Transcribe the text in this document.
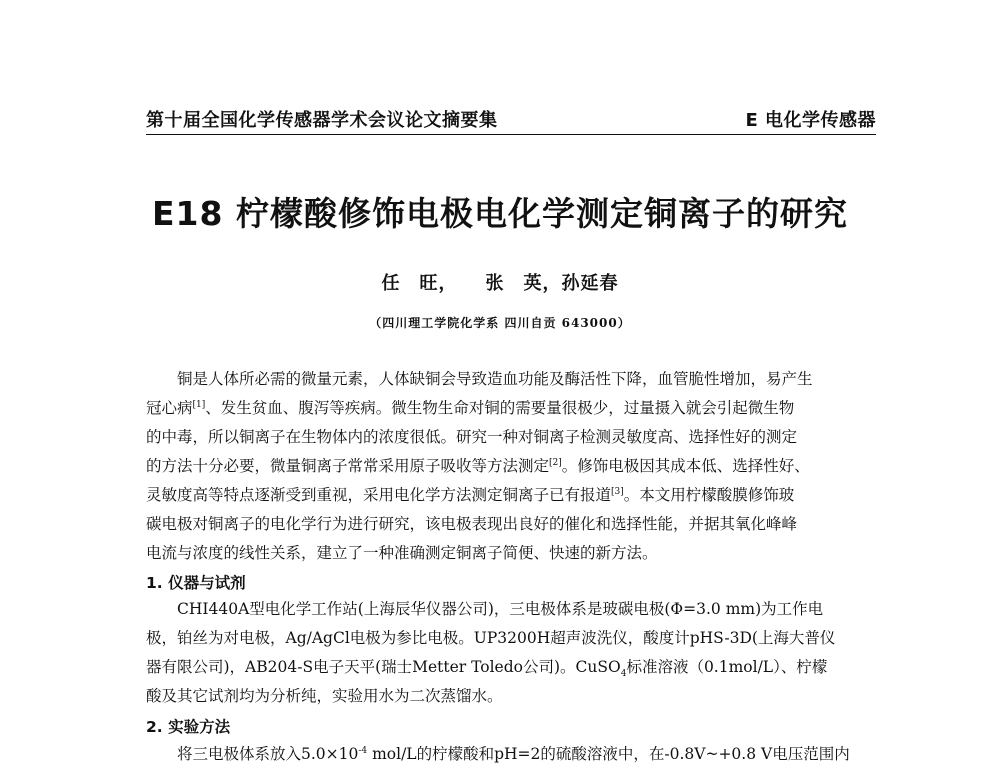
第十届全国化学传感器学术会议论文摘要集	E 电化学传感器
E18 柠檬酸修饰电极电化学测定铜离子的研究
任　旺， 张　英，孙延春
（四川理工学院化学系 四川自贡 643000）
铜是人体所必需的微量元素，人体缺铜会导致造血功能及酶活性下降，血管脆性增加，易产生
冠心病[1]、发生贫血、腹泻等疾病。微生物生命对铜的需要量很极少，过量摄入就会引起微生物
的中毒，所以铜离子在生物体内的浓度很低。研究一种对铜离子检测灵敏度高、选择性好的测定
的方法十分必要，微量铜离子常常采用原子吸收等方法测定[2]。修饰电极因其成本低、选择性好、
灵敏度高等特点逐渐受到重视，采用电化学方法测定铜离子已有报道[3]。本文用柠檬酸膜修饰玻
碳电极对铜离子的电化学行为进行研究，该电极表现出良好的催化和选择性能，并据其氧化峰峰
电流与浓度的线性关系，建立了一种准确测定铜离子简便、快速的新方法。
1. 仪器与试剂
CHI440A型电化学工作站(上海辰华仪器公司)，三电极体系是玻碳电极(Φ=3.0 mm)为工作电
极，铂丝为对电极，Ag/AgCl电极为参比电极。UP3200H超声波洗仪，酸度计pHS-3D(上海大普仪
器有限公司)，AB204-S电子天平(瑞士Metter Toledo公司)。CuSO$_4$标准溶液（0.1mol/L）、柠檬
酸及其它试剂均为分析纯，实验用水为二次蒸馏水。
2. 实验方法
将三电极体系放入$5.0\times 10^{-4}$ mol/L的柠檬酸和pH=2的硫酸溶液中，在-0.8V~+0.8 V电压范围内
